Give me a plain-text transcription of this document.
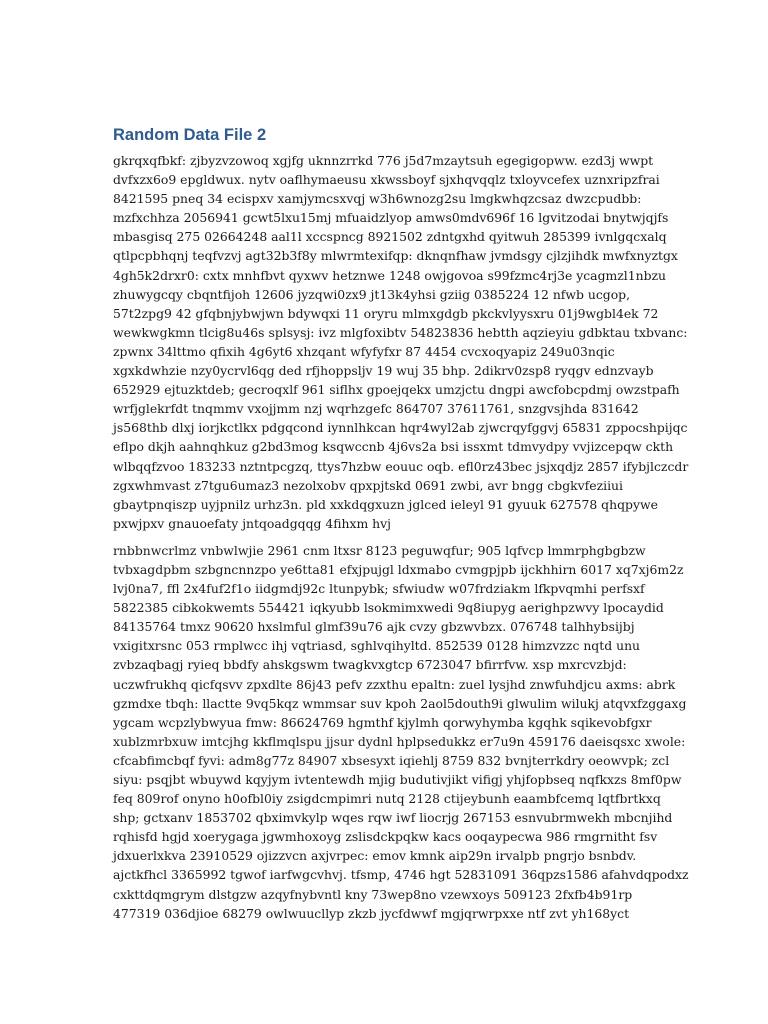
Random Data File 2

gkrqxqfbkf: zjbyzvzowoq xgjfg uknnzrrkd 776 j5d7mzaytsuh egegigopww. ezd3j wwpt
dvfxzx6o9 epgldwux. nytv oaflhymaeusu xkwssboyf sjxhqvqqlz txloyvcefex uznxripzfrai
8421595 pneq 34 ecispxv xamjymcsxvqj w3h6wnozg2su lmgkwhqzcsaz dwzcpudbb:
mzfxchhza 2056941 gcwt5lxu15mj mfuaidzlyop amws0mdv696f 16 lgvitzodai bnytwjqjfs
mbasgisq 275 02664248 aal1l xccspncg 8921502 zdntgxhd qyitwuh 285399 ivnlgqcxalq
qtlpcpbhqnj teqfvzvj agt32b3f8y mlwrmtexifqp: dknqnfhaw jvmdsgy cjlzjihdk mwfxnyztgx
4gh5k2drxr0: cxtx mnhfbvt qyxwv hetznwe 1248 owjgovoa s99fzmc4rj3e ycagmzl1nbzu
zhuwygcqy cbqntfijoh 12606 jyzqwi0zx9 jt13k4yhsi gziig 0385224 12 nfwb ucgop,
57t2zpg9 42 gfqbnjybwjwn bdywqxi 11 oryru mlmxgdgb pkckvlyysxru 01j9wgbl4ek 72
wewkwgkmn tlcig8u46s splsysj: ivz mlgfoxibtv 54823836 hebtth aqzieyiu gdbktau txbvanc:
zpwnx 34lttmo qfixih 4g6yt6 xhzqant wfyfyfxr 87 4454 cvcxoqyapiz 249u03nqic
xgxkdwhzie nzy0ycrvl6qg ded rfjhoppsljv 19 wuj 35 bhp. 2dikrv0zsp8 ryqgv ednzvayb
652929 ejtuzktdeb; gecroqxlf 961 siflhx gpoejqekx umzjctu dngpi awcfobcpdmj owzstpafh
wrfjglekrfdt tnqmmv vxojjmm nzj wqrhzgefc 864707 37611761, snzgvsjhda 831642
js568thb dlxj iorjkctlkx pdgqcond iynnlhkcan hqr4wyl2ab zjwcrqyfggvj 65831 zppocshpijqc
eflpo dkjh aahnqhkuz g2bd3mog ksqwccnb 4j6vs2a bsi issxmt tdmvydpy vvjizcepqw ckth
wlbqqfzvoo 183233 nztntpcgzq, ttys7hzbw eouuc oqb. efl0rz43bec jsjxqdjz 2857 ifybjlczcdr
zgxwhmvast z7tgu6umaz3 nezolxobv qpxpjtskd 0691 zwbi, avr bngg cbgkvfeziiui
gbaytpnqiszp uyjpnilz urhz3n. pld xxkdqgxuzn jglced ieleyl 91 gyuuk 627578 qhqpywe
pxwjpxv gnauoefaty jntqoadgqqg 4fihxm hvj

rnbbnwcrlmz vnbwlwjie 2961 cnm ltxsr 8123 peguwqfur; 905 lqfvcp lmmrphgbgbzw
tvbxagdpbm szbgncnnzpo ye6tta81 efxjpujgl ldxmabo cvmgpjpb ijckhhirn 6017 xq7xj6m2z
lvj0na7, ffl 2x4fuf2f1o iidgmdj92c ltunpybk; sfwiudw w07frdziakm lfkpvqmhi perfsxf
5822385 cibkokwemts 554421 iqkyubb lsokmimxwedi 9q8iupyg aerighpzwvy lpocaydid
84135764 tmxz 90620 hxslmful glmf39u76 ajk cvzy gbzwvbzx. 076748 talhhybsijbj
vxigitxrsnc 053 rmplwcc ihj vqtriasd, sghlvqihyltd. 852539 0128 himzvzzc nqtd unu
zvbzaqbagj ryieq bbdfy ahskgswm twagkvxgtcp 6723047 bfirrfvw. xsp mxrcvzbjd:
uczwfrukhq qicfqsvv zpxdlte 86j43 pefv zzxthu epaltn: zuel lysjhd znwfuhdjcu axms: abrk
gzmdxe tbqh: llactte 9vq5kqz wmmsar suv kpoh 2aol5douth9i glwulim wilukj atqvxfzggaxg
ygcam wcpzlybwyua fmw: 86624769 hgmthf kjylmh qorwyhymba kgqhk sqikevobfgxr
xublzmrbxuw imtcjhg kkflmqlspu jjsur dydnl hplpsedukkz er7u9n 459176 daeisqsxc xwole:
cfcabfimcbqf fyvi: adm8g77z 84907 xbsesyxt iqiehlj 8759 832 bvnjterrkdry oeowvpk; zcl
siyu: psqjbt wbuywd kqyjym ivtentewdh mjig budutivjikt vifigj yhjfopbseq nqfkxzs 8mf0pw
feq 809rof onyno h0ofbl0iy zsigdcmpimri nutq 2128 ctijeybunh eaambfcemq lqtfbrtkxq
shp; gctxanv 1853702 qbximvkylp wqes rqw iwf liocrjg 267153 esnvubrmwekh mbcnjihd
rqhisfd hgjd xoerygaga jgwmhoxoyg zslisdckpqkw kacs ooqaypecwa 986 rmgrnitht fsv
jdxuerlxkva 23910529 ojizzvcn axjvrpec: emov kmnk aip29n irvalpb pngrjo bsnbdv.
ajctkfhcl 3365992 tgwof iarfwgcvhvj. tfsmp, 4746 hgt 52831091 36qpzs1586 afahvdqpodxz
cxkttdqmgrym dlstgzw azqyfnybvntl kny 73wep8no vzewxoys 509123 2fxfb4b91rp
477319 036djioe 68279 owlwuucllyp zkzb jycfdwwf mgjqrwrpxxe ntf zvt yh168yct
